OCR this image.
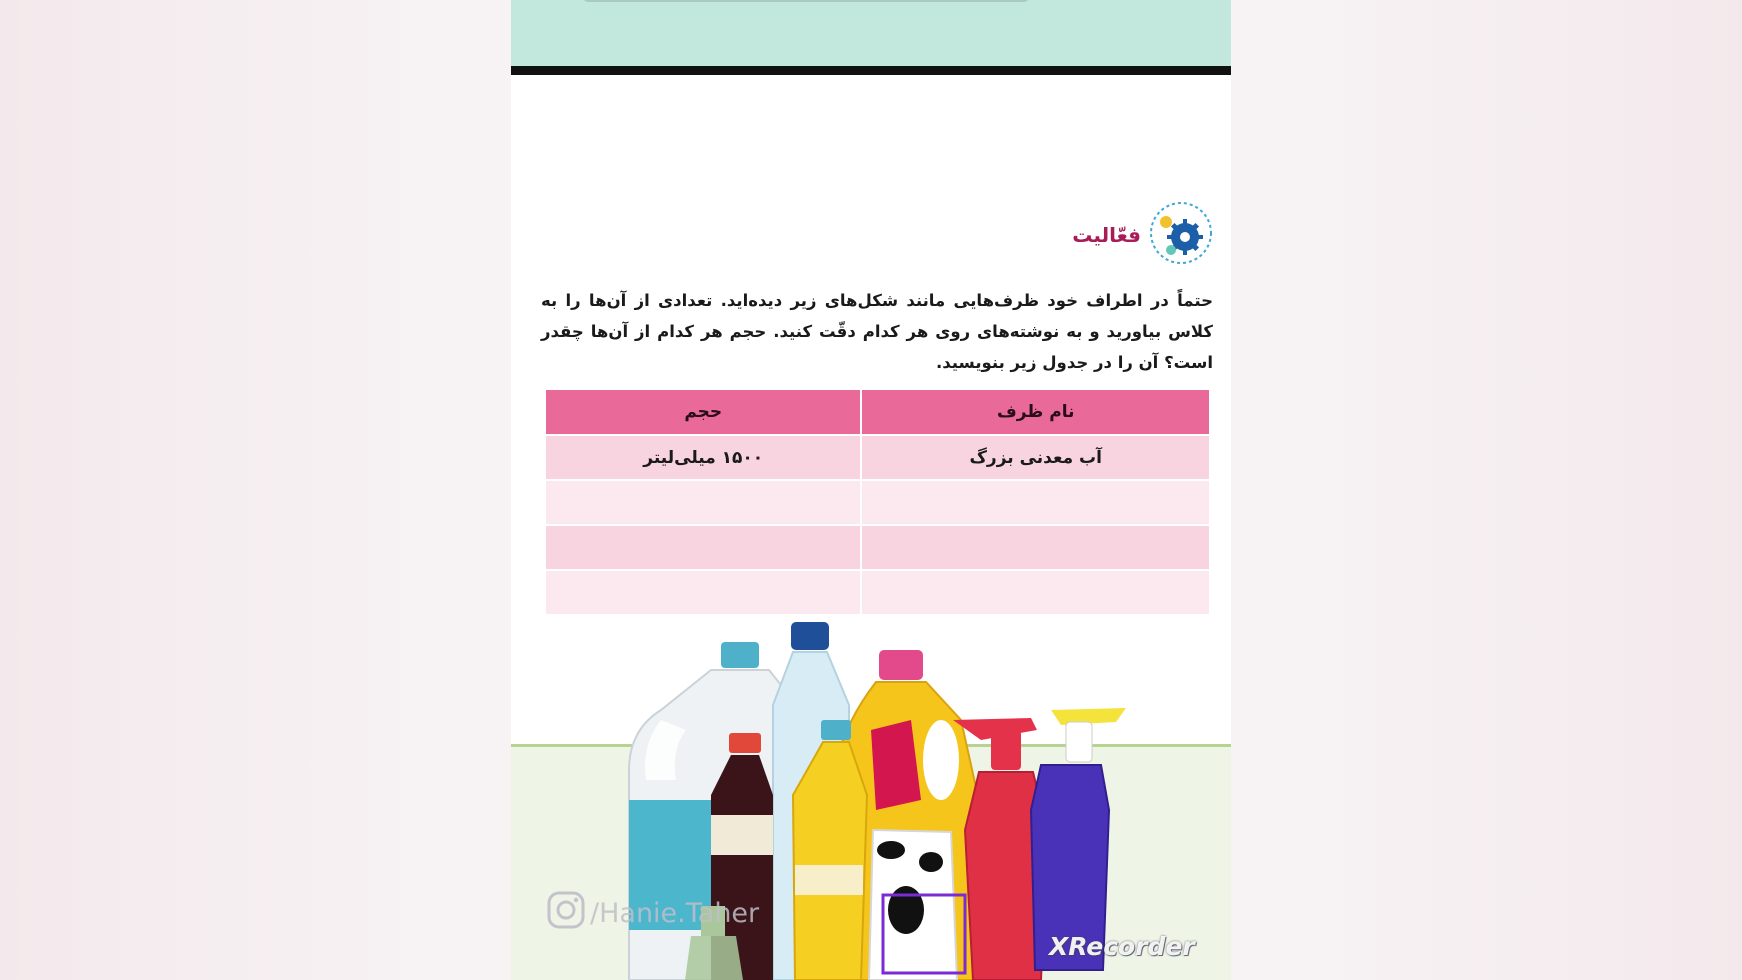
فعّالیت

حتماً در اطراف خود ظرف‌هایی مانند شکل‌های زیر دیده‌اید. تعدادی از آن‌ها را به کلاس بیاورید و به نوشته‌های روی هر کدام دقّت کنید. حجم هر کدام از آن‌ها چقدر است؟ آن را در جدول زیر بنویسید.

نام ظرف	حجم
آب معدنی بزرگ	۱۵۰۰ میلی‌لیتر

/Hanie.Taher
XRecorder
